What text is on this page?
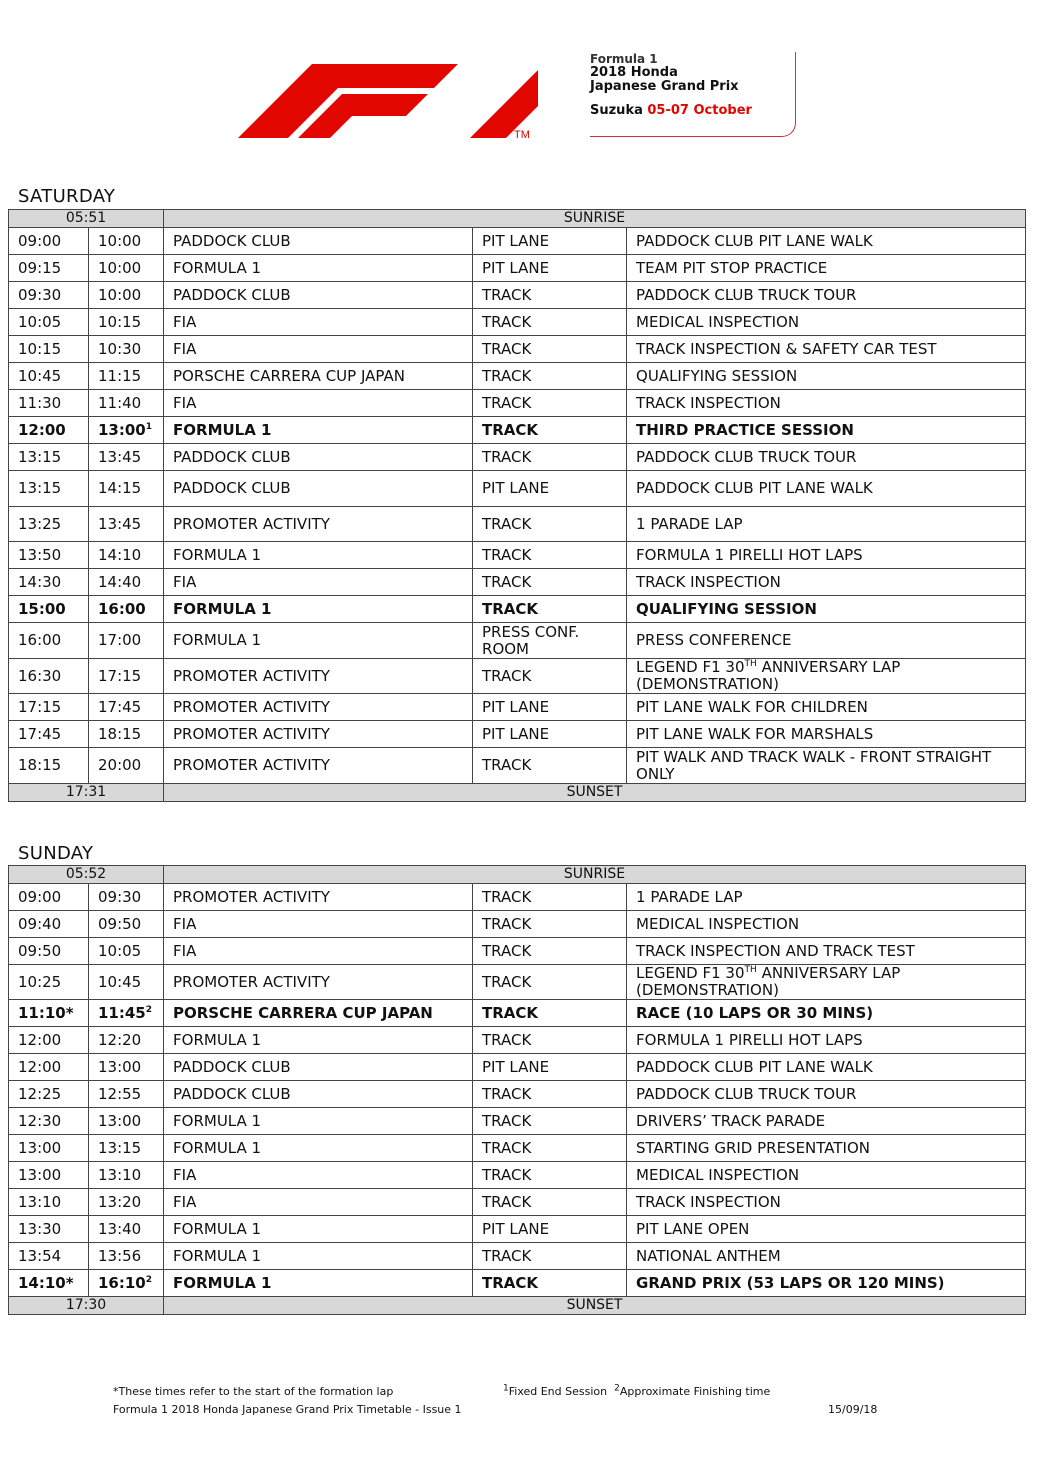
TM
Formula 1
2018 Honda
Japanese Grand Prix
Suzuka 05-07 October
SATURDAY
05:51		SUNRISE		
09:00	10:00	PADDOCK CLUB	PIT LANE	PADDOCK CLUB PIT LANE WALK
09:15	10:00	FORMULA 1	PIT LANE	TEAM PIT STOP PRACTICE
09:30	10:00	PADDOCK CLUB	TRACK	PADDOCK CLUB TRUCK TOUR
10:05	10:15	FIA	TRACK	MEDICAL INSPECTION
10:15	10:30	FIA	TRACK	TRACK INSPECTION & SAFETY CAR TEST
10:45	11:15	PORSCHE CARRERA CUP JAPAN	TRACK	QUALIFYING SESSION
11:30	11:40	FIA	TRACK	TRACK INSPECTION
12:00	$13:00^1$	FORMULA 1	TRACK	THIRD PRACTICE SESSION
13:15	13:45	PADDOCK CLUB	TRACK	PADDOCK CLUB TRUCK TOUR
13:15	14:15	PADDOCK CLUB	PIT LANE	PADDOCK CLUB PIT LANE WALK
13:25	13:45	PROMOTER ACTIVITY	TRACK	1 PARADE LAP
13:50	14:10	FORMULA 1	TRACK	FORMULA 1 PIRELLI HOT LAPS
14:30	14:40	FIA	TRACK	TRACK INSPECTION
15:00	16:00	FORMULA 1	TRACK	QUALIFYING SESSION
16:00	17:00	FORMULA 1	PRESS CONF. ROOM	PRESS CONFERENCE
16:30	17:15	PROMOTER ACTIVITY	TRACK	LEGEND F1 30TH ANNIVERSARY LAP (DEMONSTRATION)
17:15	17:45	PROMOTER ACTIVITY	PIT LANE	PIT LANE WALK FOR CHILDREN
17:45	18:15	PROMOTER ACTIVITY	PIT LANE	PIT LANE WALK FOR MARSHALS
18:15	20:00	PROMOTER ACTIVITY	TRACK	PIT WALK AND TRACK WALK - FRONT STRAIGHT ONLY
17:31		SUNSET		
SUNDAY
05:52		SUNRISE		
09:00	09:30	PROMOTER ACTIVITY	TRACK	1 PARADE LAP
09:40	09:50	FIA	TRACK	MEDICAL INSPECTION
09:50	10:05	FIA	TRACK	TRACK INSPECTION AND TRACK TEST
10:25	10:45	PROMOTER ACTIVITY	TRACK	LEGEND F1 30TH ANNIVERSARY LAP (DEMONSTRATION)
11:10*	$11:45^2$	PORSCHE CARRERA CUP JAPAN	TRACK	RACE (10 LAPS OR 30 MINS)
12:00	12:20	FORMULA 1	TRACK	FORMULA 1 PIRELLI HOT LAPS
12:00	13:00	PADDOCK CLUB	PIT LANE	PADDOCK CLUB PIT LANE WALK
12:25	12:55	PADDOCK CLUB	TRACK	PADDOCK CLUB TRUCK TOUR
12:30	13:00	FORMULA 1	TRACK	DRIVERS’ TRACK PARADE
13:00	13:15	FORMULA 1	TRACK	STARTING GRID PRESENTATION
13:00	13:10	FIA	TRACK	MEDICAL INSPECTION
13:10	13:20	FIA	TRACK	TRACK INSPECTION
13:30	13:40	FORMULA 1	PIT LANE	PIT LANE OPEN
13:54	13:56	FORMULA 1	TRACK	NATIONAL ANTHEM
14:10*	$16:10^2$	FORMULA 1	TRACK	GRAND PRIX (53 LAPS OR 120 MINS)
17:30		SUNSET		
*These times refer to the start of the formation lap	$^1$Fixed End Session $^2$Approximate Finishing time
Formula 1 2018 Honda Japanese Grand Prix Timetable - Issue 1	15/09/18
